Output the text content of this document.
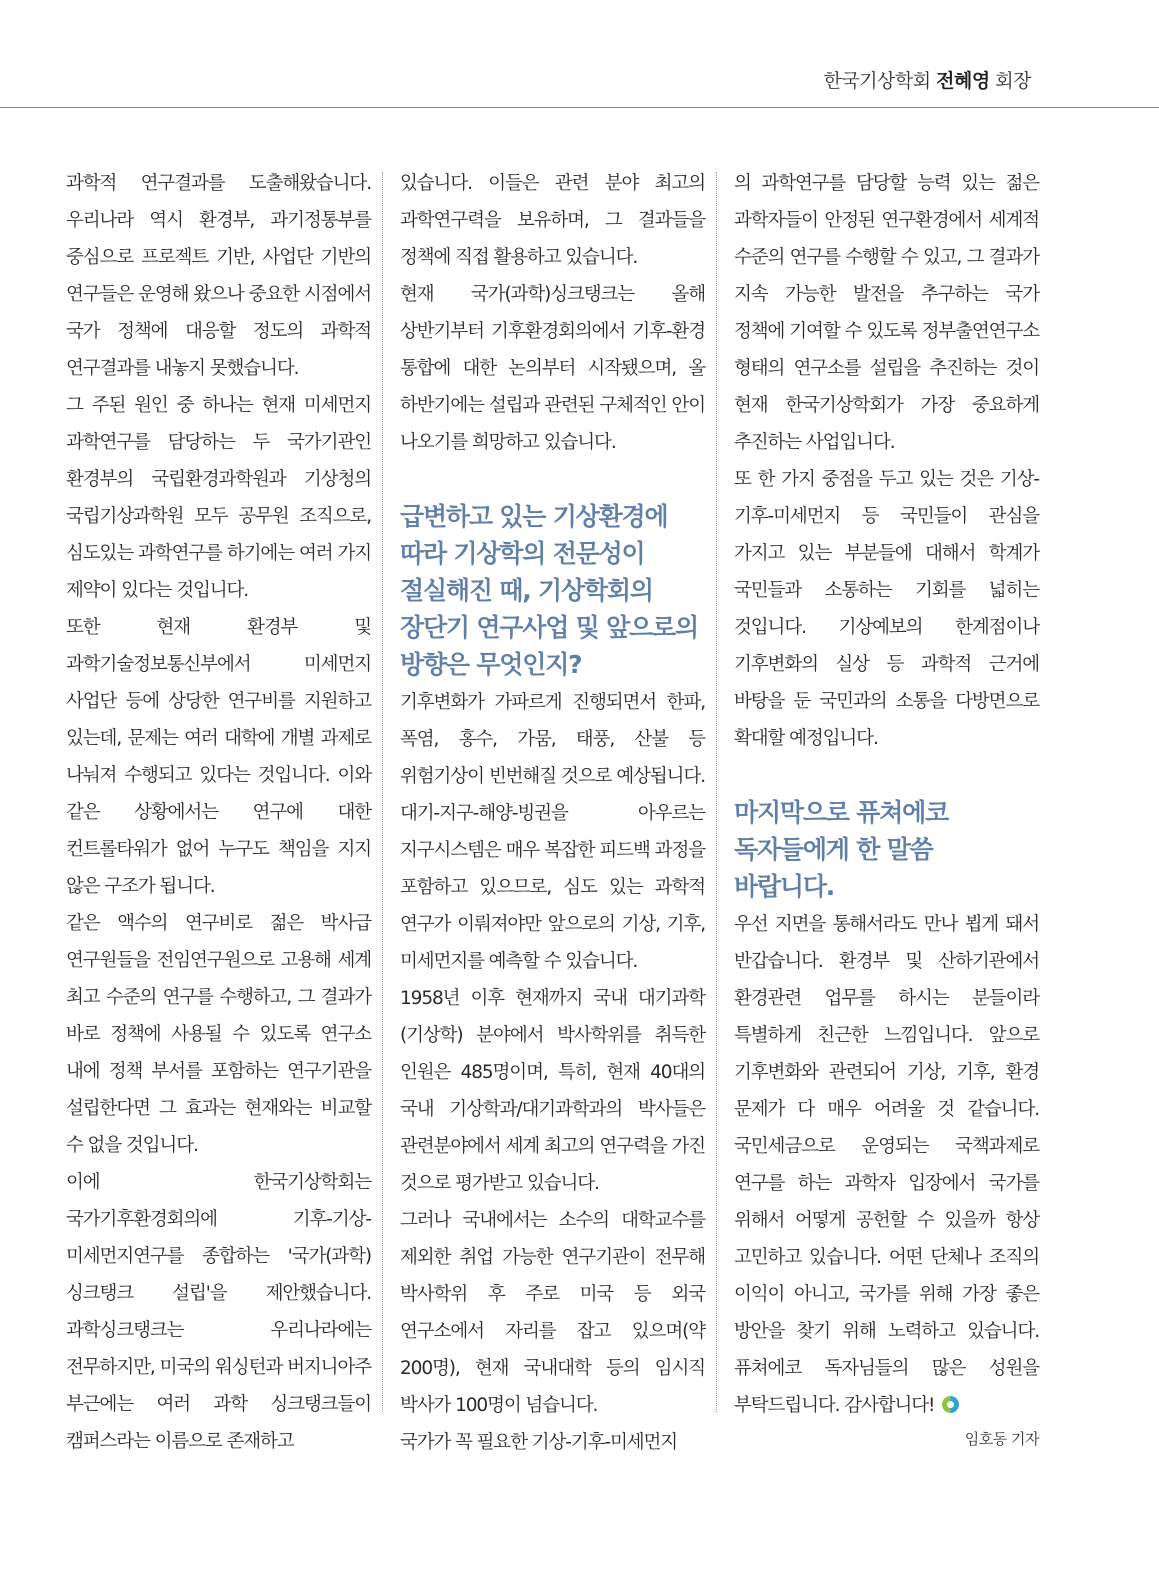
한국기상학회 전혜영 회장

과학적 연구결과를 도출해왔습니다. 우리나라 역시 환경부, 과기정통부를 중심으로 프로젝트 기반, 사업단 기반의 연구들은 운영해 왔으나 중요한 시점에서 국가 정책에 대응할 정도의 과학적 연구결과를 내놓지 못했습니다.

그 주된 원인 중 하나는 현재 미세먼지 과학연구를 담당하는 두 국가기관인 환경부의 국립환경과학원과 기상청의 국립기상과학원 모두 공무원 조직으로, 심도있는 과학연구를 하기에는 여러 가지 제약이 있다는 것입니다.

또한 현재 환경부 및 과학기술정보통신부에서 미세먼지 사업단 등에 상당한 연구비를 지원하고 있는데, 문제는 여러 대학에 개별 과제로 나눠져 수행되고 있다는 것입니다. 이와 같은 상황에서는 연구에 대한 컨트롤타워가 없어 누구도 책임을 지지 않은 구조가 됩니다.

같은 액수의 연구비로 젊은 박사급 연구원들을 전임연구원으로 고용해 세계 최고 수준의 연구를 수행하고, 그 결과가 바로 정책에 사용될 수 있도록 연구소 내에 정책 부서를 포함하는 연구기관을 설립한다면 그 효과는 현재와는 비교할 수 없을 것입니다.

이에 한국기상학회는 국가기후환경회의에 기후-기상-미세먼지연구를 종합하는 '국가(과학)싱크탱크 설립'을 제안했습니다. 과학싱크탱크는 우리나라에는 전무하지만, 미국의 워싱턴과 버지니아주 부근에는 여러 과학 싱크탱크들이 캠퍼스라는 이름으로 존재하고

있습니다. 이들은 관련 분야 최고의 과학연구력을 보유하며, 그 결과들을 정책에 직접 활용하고 있습니다.

현재 국가(과학)싱크탱크는 올해 상반기부터 기후환경회의에서 기후-환경 통합에 대한 논의부터 시작됐으며, 올 하반기에는 설립과 관련된 구체적인 안이 나오기를 희망하고 있습니다.

급변하고 있는 기상환경에 따라 기상학의 전문성이 절실해진 때, 기상학회의 장단기 연구사업 및 앞으로의 방향은 무엇인지?

기후변화가 가파르게 진행되면서 한파, 폭염, 홍수, 가뭄, 태풍, 산불 등 위험기상이 빈번해질 것으로 예상됩니다. 대기-지구-해양-빙권을 아우르는 지구시스템은 매우 복잡한 피드백 과정을 포함하고 있으므로, 심도 있는 과학적 연구가 이뤄져야만 앞으로의 기상, 기후, 미세먼지를 예측할 수 있습니다.

1958년 이후 현재까지 국내 대기과학(기상학) 분야에서 박사학위를 취득한 인원은 485명이며, 특히, 현재 40대의 국내 기상학과/대기과학과의 박사들은 관련분야에서 세계 최고의 연구력을 가진 것으로 평가받고 있습니다.

그러나 국내에서는 소수의 대학교수를 제외한 취업 가능한 연구기관이 전무해 박사학위 후 주로 미국 등 외국 연구소에서 자리를 잡고 있으며(약 200명), 현재 국내대학 등의 임시직 박사가 100명이 넘습니다.

국가가 꼭 필요한 기상-기후-미세먼지

의 과학연구를 담당할 능력 있는 젊은 과학자들이 안정된 연구환경에서 세계적 수준의 연구를 수행할 수 있고, 그 결과가 지속 가능한 발전을 추구하는 국가 정책에 기여할 수 있도록 정부출연연구소 형태의 연구소를 설립을 추진하는 것이 현재 한국기상학회가 가장 중요하게 추진하는 사업입니다.

또 한 가지 중점을 두고 있는 것은 기상-기후-미세먼지 등 국민들이 관심을 가지고 있는 부분들에 대해서 학계가 국민들과 소통하는 기회를 넓히는 것입니다. 기상예보의 한계점이나 기후변화의 실상 등 과학적 근거에 바탕을 둔 국민과의 소통을 다방면으로 확대할 예정입니다.

마지막으로 퓨쳐에코 독자들에게 한 말씀 바랍니다.

우선 지면을 통해서라도 만나 뵙게 돼서 반갑습니다. 환경부 및 산하기관에서 환경관련 업무를 하시는 분들이라 특별하게 친근한 느낌입니다. 앞으로 기후변화와 관련되어 기상, 기후, 환경 문제가 다 매우 어려울 것 같습니다. 국민세금으로 운영되는 국책과제로 연구를 하는 과학자 입장에서 국가를 위해서 어떻게 공헌할 수 있을까 항상 고민하고 있습니다. 어떤 단체나 조직의 이익이 아니고, 국가를 위해 가장 좋은 방안을 찾기 위해 노력하고 있습니다. 퓨쳐에코 독자님들의 많은 성원을 부탁드립니다. 감사합니다!

임호동 기자
